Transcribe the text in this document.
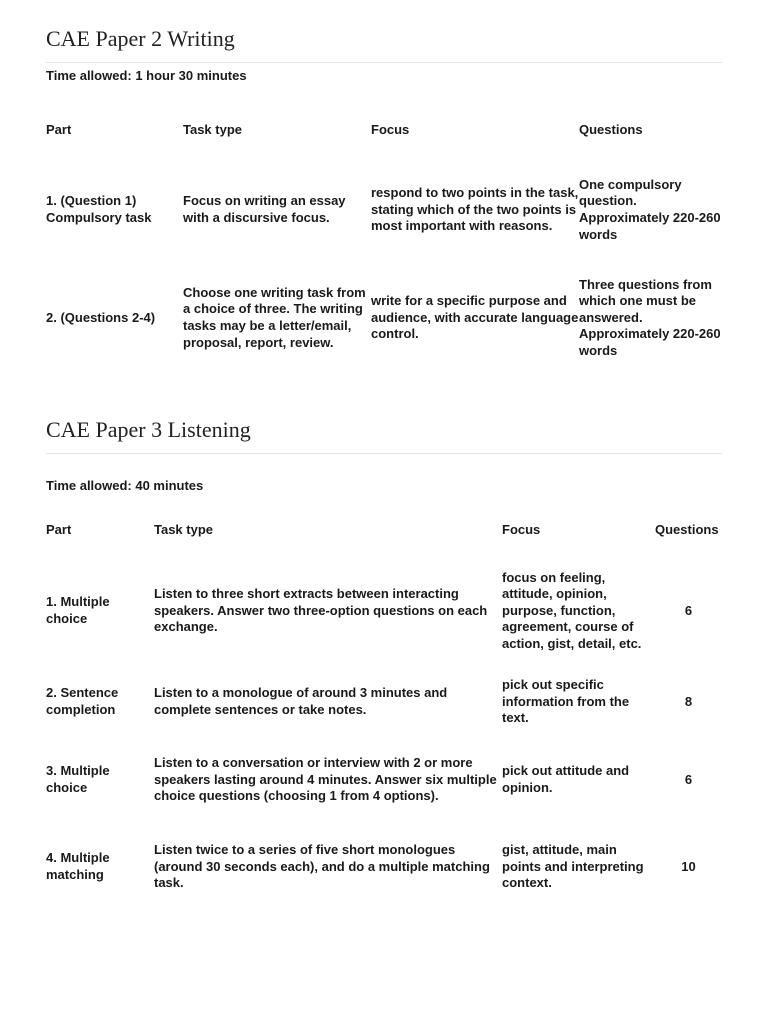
CAE Paper 2 Writing
Time allowed: 1 hour 30 minutes
Part	Task type	Focus	Questions
1. (Question 1) Compulsory task	Focus on writing an essay with a discursive focus.	respond to two points in the task, stating which of the two points is most important with reasons.	One compulsory question. Approximately 220-260 words
2. (Questions 2-4)	Choose one writing task from a choice of three. The writing tasks may be a letter/email, proposal, report, review.	write for a specific purpose and audience, with accurate language control.	Three questions from which one must be answered. Approximately 220-260 words
CAE Paper 3 Listening
Time allowed: 40 minutes
Part	Task type	Focus	Questions
1. Multiple choice	Listen to three short extracts between interacting speakers. Answer two three-option questions on each exchange.	focus on feeling, attitude, opinion, purpose, function, agreement, course of action, gist, detail, etc.	6
2. Sentence completion	Listen to a monologue of around 3 minutes and complete sentences or take notes.	pick out specific information from the text.	8
3. Multiple choice	Listen to a conversation or interview with 2 or more speakers lasting around 4 minutes. Answer six multiple choice questions (choosing 1 from 4 options).	pick out attitude and opinion.	6
4. Multiple matching	Listen twice to a series of five short monologues (around 30 seconds each), and do a multiple matching task.	gist, attitude, main points and interpreting context.	10
